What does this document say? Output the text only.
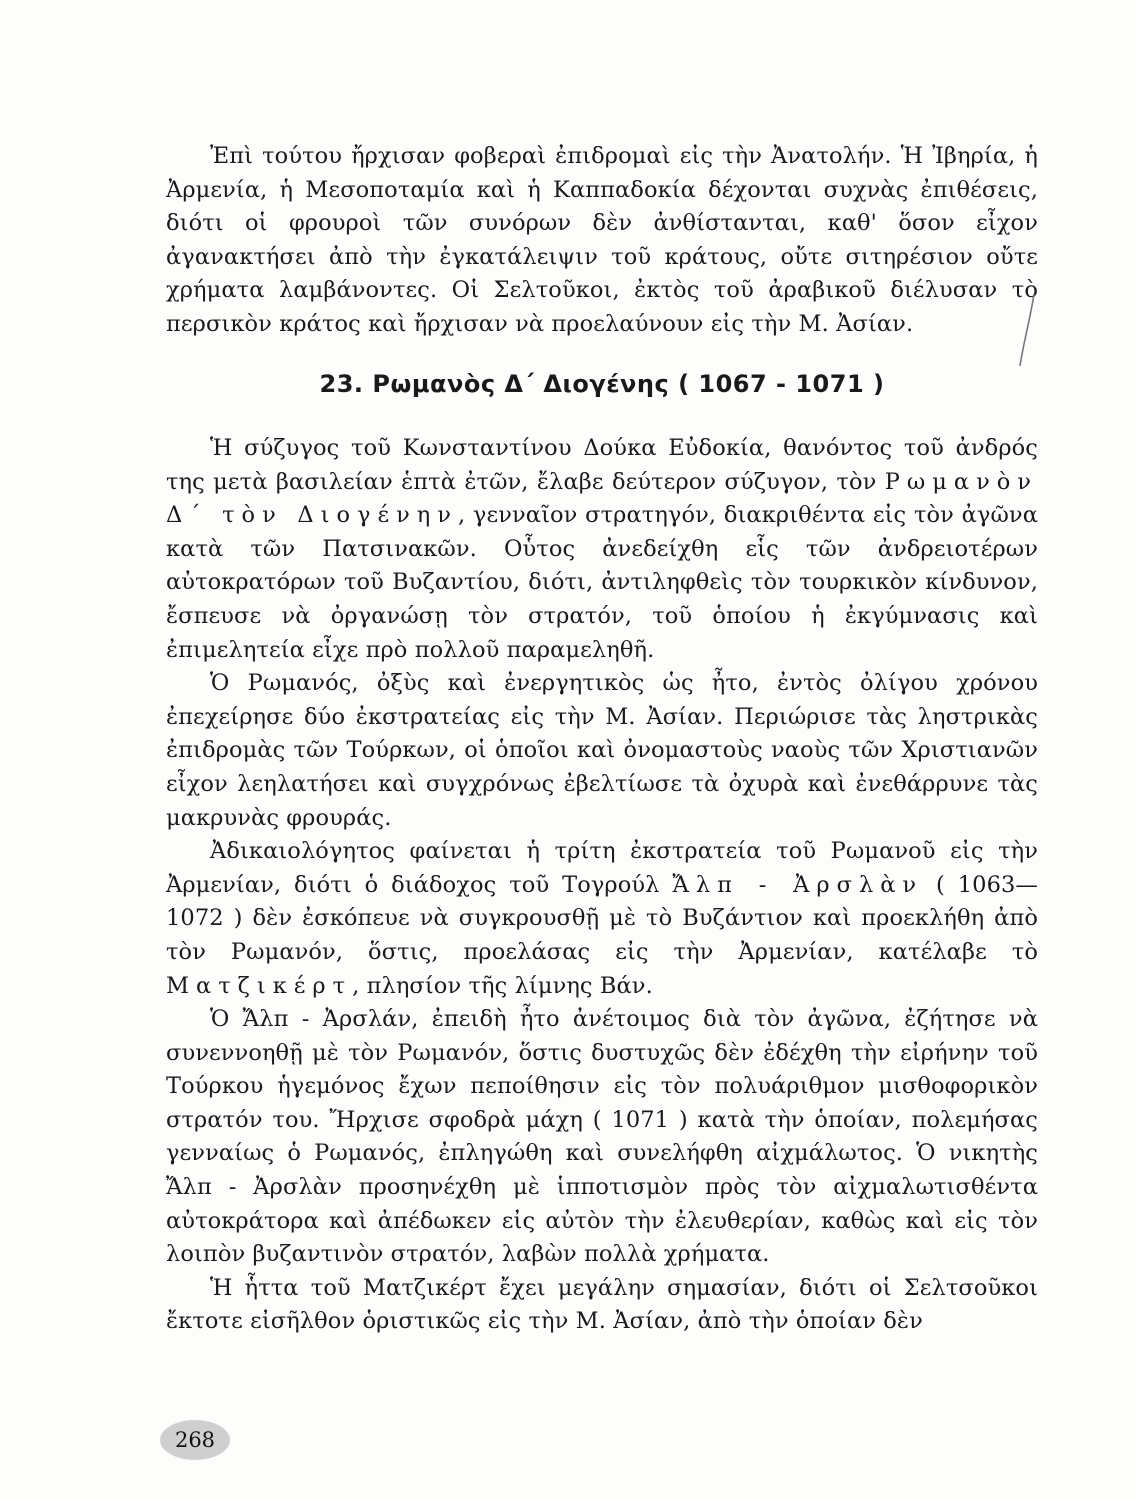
Ἐπὶ τούτου ἤρχισαν φοβεραὶ ἐπιδρομαὶ εἰς τὴν Ἀνατολήν. Ἡ Ἰβηρία, ἡ Ἀρμενία, ἡ Μεσοποταμία καὶ ἡ Καππαδοκία δέχονται συχνὰς ἐπιθέσεις, διότι οἱ φρουροὶ τῶν συνόρων δὲν ἀνθίστανται, καθ' ὅσον εἶχον ἀγανακτήσει ἀπὸ τὴν ἐγκατάλειψιν τοῦ κράτους, οὔτε σιτηρέσιον οὔτε χρήματα λαμβάνοντες. Οἱ Σελτοῦκοι, ἐκτὸς τοῦ ἀραβικοῦ διέλυσαν τὸ περσικὸν κράτος καὶ ἤρχισαν νὰ προελαύνουν εἰς τὴν Μ. Ἀσίαν.

23. Ρωμανὸς Δ΄ Διογένης ( 1067 - 1071 )

Ἡ σύζυγος τοῦ Κωνσταντίνου Δούκα Εὐδοκία, θανόντος τοῦ ἀνδρός της μετὰ βασιλείαν ἑπτὰ ἐτῶν, ἔλαβε δεύτερον σύζυγον, τὸν Ρωμανὸν Δ΄ τὸν Διογένην, γενναῖον στρατηγόν, διακριθέντα εἰς τὸν ἀγῶνα κατὰ τῶν Πατσινακῶν. Οὗτος ἀνεδείχθη εἷς τῶν ἀνδρειοτέρων αὐτοκρατόρων τοῦ Βυζαντίου, διότι, ἀντιληφθεὶς τὸν τουρκικὸν κίνδυνον, ἔσπευσε νὰ ὀργανώσῃ τὸν στρατόν, τοῦ ὁποίου ἡ ἐκγύμνασις καὶ ἐπιμελητεία εἶχε πρὸ πολλοῦ παραμεληθῆ.

Ὁ Ρωμανός, ὀξὺς καὶ ἐνεργητικὸς ὡς ἦτο, ἐντὸς ὀλίγου χρόνου ἐπεχείρησε δύο ἐκστρατείας εἰς τὴν Μ. Ἀσίαν. Περιώρισε τὰς ληστρικὰς ἐπιδρομὰς τῶν Τούρκων, οἱ ὁποῖοι καὶ ὀνομαστοὺς ναοὺς τῶν Χριστιανῶν εἶχον λεηλατήσει καὶ συγχρόνως ἐβελτίωσε τὰ ὀχυρὰ καὶ ἐνεθάρρυνε τὰς μακρυνὰς φρουράς.

Ἀδικαιολόγητος φαίνεται ἡ τρίτη ἐκστρατεία τοῦ Ρωμανοῦ εἰς τὴν Ἀρμενίαν, διότι ὁ διάδοχος τοῦ Τογρούλ Ἄλπ - Ἀρσλὰν ( 1063—1072 ) δὲν ἐσκόπευε νὰ συγκρουσθῇ μὲ τὸ Βυζάντιον καὶ προεκλήθη ἀπὸ τὸν Ρωμανόν, ὅστις, προελάσας εἰς τὴν Ἀρμενίαν, κατέλαβε τὸ Ματζικέρτ, πλησίον τῆς λίμνης Βάν.

Ὁ Ἄλπ - Ἀρσλάν, ἐπειδὴ ἦτο ἀνέτοιμος διὰ τὸν ἀγῶνα, ἐζήτησε νὰ συνεννοηθῇ μὲ τὸν Ρωμανόν, ὅστις δυστυχῶς δὲν ἐδέχθη τὴν εἰρήνην τοῦ Τούρκου ἡγεμόνος ἔχων πεποίθησιν εἰς τὸν πολυάριθμον μισθοφορικὸν στρατόν του. Ἤρχισε σφοδρὰ μάχη ( 1071 ) κατὰ τὴν ὁποίαν, πολεμήσας γενναίως ὁ Ρωμανός, ἐπληγώθη καὶ συνελήφθη αἰχμάλωτος. Ὁ νικητὴς Ἄλπ - Ἀρσλὰν προσηνέχθη μὲ ἱπποτισμὸν πρὸς τὸν αἰχμαλωτισθέντα αὐτοκράτορα καὶ ἀπέδωκεν εἰς αὐτὸν τὴν ἐλευθερίαν, καθὼς καὶ εἰς τὸν λοιπὸν βυζαντινὸν στρατόν, λαβὼν πολλὰ χρήματα.

Ἡ ἧττα τοῦ Ματζικέρτ ἔχει μεγάλην σημασίαν, διότι οἱ Σελτσοῦκοι ἔκτοτε εἰσῆλθον ὁριστικῶς εἰς τὴν Μ. Ἀσίαν, ἀπὸ τὴν ὁποίαν δὲν

268
